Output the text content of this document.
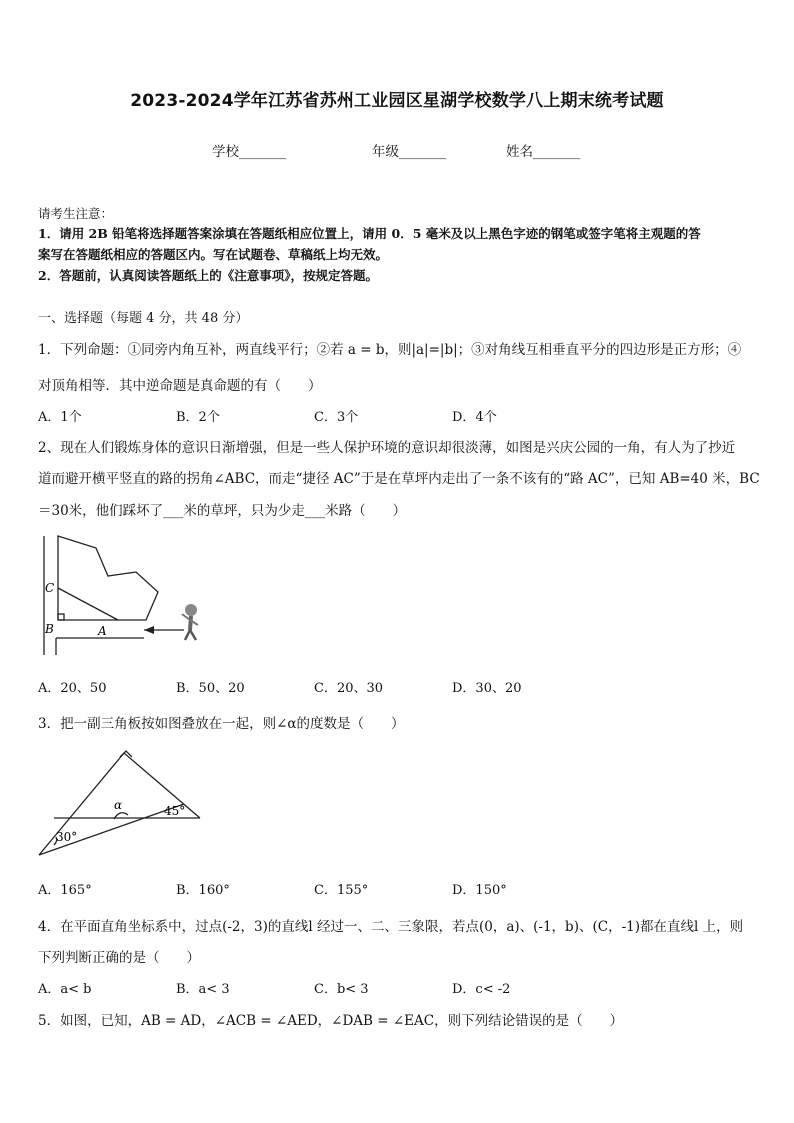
2023-2024学年江苏省苏州工业园区星湖学校数学八上期末统考试题
学校_______	年级_______	姓名_______
请考生注意：
1．请用 2B 铅笔将选择题答案涂填在答题纸相应位置上，请用 0．5 毫米及以上黑色字迹的钢笔或签字笔将主观题的答
案写在答题纸相应的答题区内。写在试题卷、草稿纸上均无效。
2．答题前，认真阅读答题纸上的《注意事项》，按规定答题。
一、选择题（每题 4 分，共 48 分）
1．下列命题：①同旁内角互补，两直线平行；②若 a = b，则|a|=|b|；③对角线互相垂直平分的四边形是正方形；④
对顶角相等．其中逆命题是真命题的有（　　）
A．1个	B．2个	C．3个	D．4个
2、现在人们锻炼身体的意识日渐增强，但是一些人保护环境的意识却很淡薄，如图是兴庆公园的一角，有人为了抄近
道而避开横平竖直的路的拐角∠ABC，而走“捷径 AC”于是在草坪内走出了一条不该有的“路 AC”，已知 AB=40 米，BC
＝30米，他们踩坏了___米的草坪，只为少走___米路（　　）
C
B	A
A．20、50	B．50、20	C．20、30	D．30、20
3．把一副三角板按如图叠放在一起，则∠α的度数是（　　）
α	45°
30°
A．165°	B．160°	C．155°	D．150°
4．在平面直角坐标系中，过点(-2，3)的直线l 经过一、二、三象限，若点(0，a)、(-1，b)、(C，-1)都在直线l 上，则
下列判断正确的是（　　）
A．a< b	B．a< 3	C．b< 3	D．c< -2
5．如图，已知，AB = AD，∠ACB = ∠AED，∠DAB = ∠EAC，则下列结论错误的是（　　）
